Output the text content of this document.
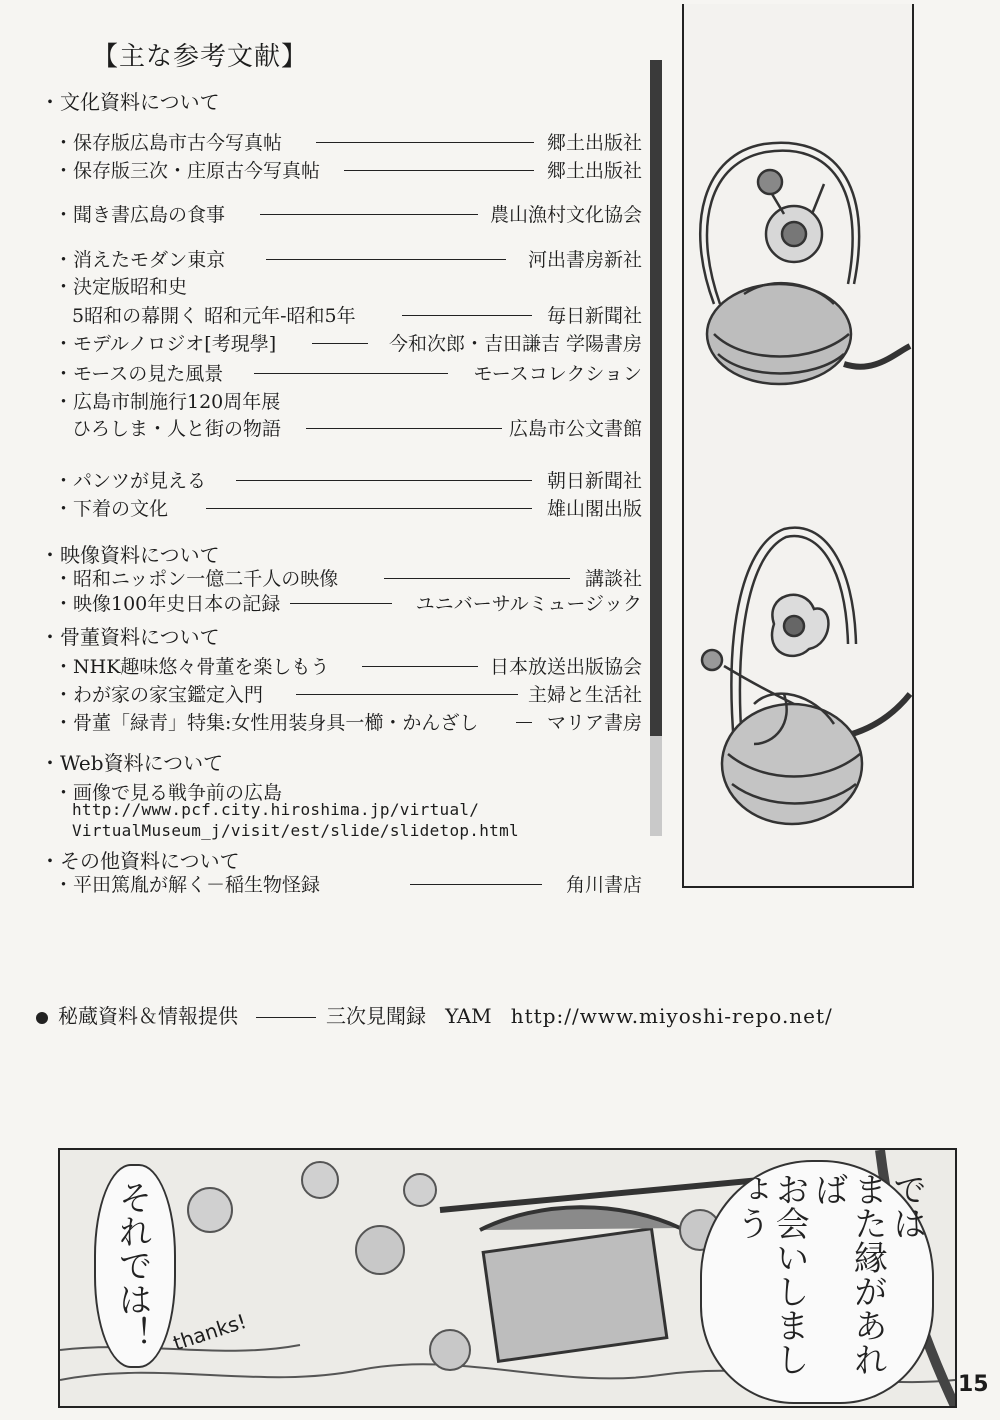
【主な参考文献】
・文化資料について
・映像資料について
・骨董資料について
・Web資料について
・その他資料について
・保存版広島市古今写真帖	郷土出版社
・保存版三次・庄原古今写真帖	郷土出版社
・聞き書広島の食事	農山漁村文化協会
・消えたモダン東京	河出書房新社
・決定版昭和史
5昭和の幕開く 昭和元年-昭和5年	毎日新聞社
・モデルノロジオ[考現學]	今和次郎・吉田謙吉 学陽書房
・モースの見た風景	モースコレクション
・広島市制施行120周年展
ひろしま・人と街の物語	広島市公文書館
・パンツが見える	朝日新聞社
・下着の文化	雄山閣出版
・昭和ニッポン一億二千人の映像	講談社
・映像100年史日本の記録	ユニバーサルミュージック
・NHK趣味悠々骨董を楽しもう	日本放送出版協会
・わが家の家宝鑑定入門	主婦と生活社
・骨董「緑青」特集:女性用装身具一櫛・かんざし	マリア書房
・画像で見る戦争前の広島
http://www.pcf.city.hiroshima.jp/virtual/
VirtualMuseum_j/visit/est/slide/slidetop.html
・平田篤胤が解く－稲生物怪録	角川書店
秘蔵資料＆情報提供	三次見聞録 YAM http://www.miyoshi-repo.net/
では
また縁があれば
お会いしましょう
それでは！ thanks!
15
